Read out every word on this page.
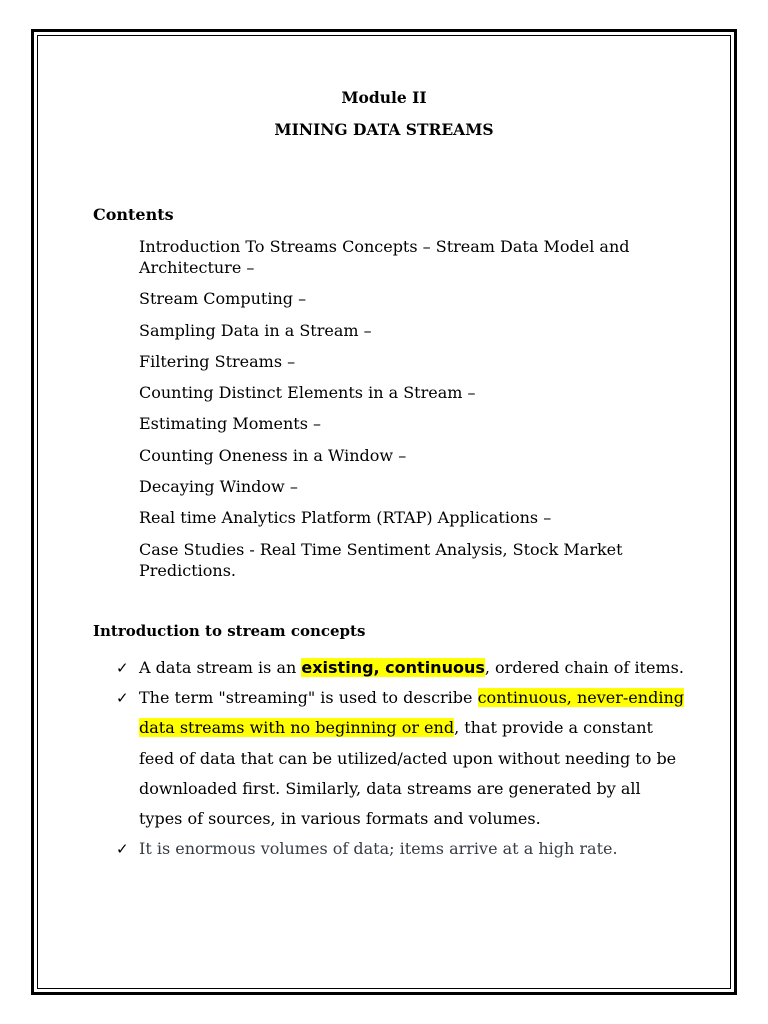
Module II
MINING DATA STREAMS
Contents
Introduction To Streams Concepts – Stream Data Model and Architecture –
Stream Computing –
Sampling Data in a Stream –
Filtering Streams –
Counting Distinct Elements in a Stream –
Estimating Moments –
Counting Oneness in a Window –
Decaying Window –
Real time Analytics Platform (RTAP) Applications –
Case Studies - Real Time Sentiment Analysis, Stock Market Predictions.
Introduction to stream concepts
✓ A data stream is an existing, continuous, ordered chain of items.
✓ The term "streaming" is used to describe continuous, never-ending data streams with no beginning or end, that provide a constant feed of data that can be utilized/acted upon without needing to be downloaded first. Similarly, data streams are generated by all types of sources, in various formats and volumes.
✓ It is enormous volumes of data; items arrive at a high rate.
